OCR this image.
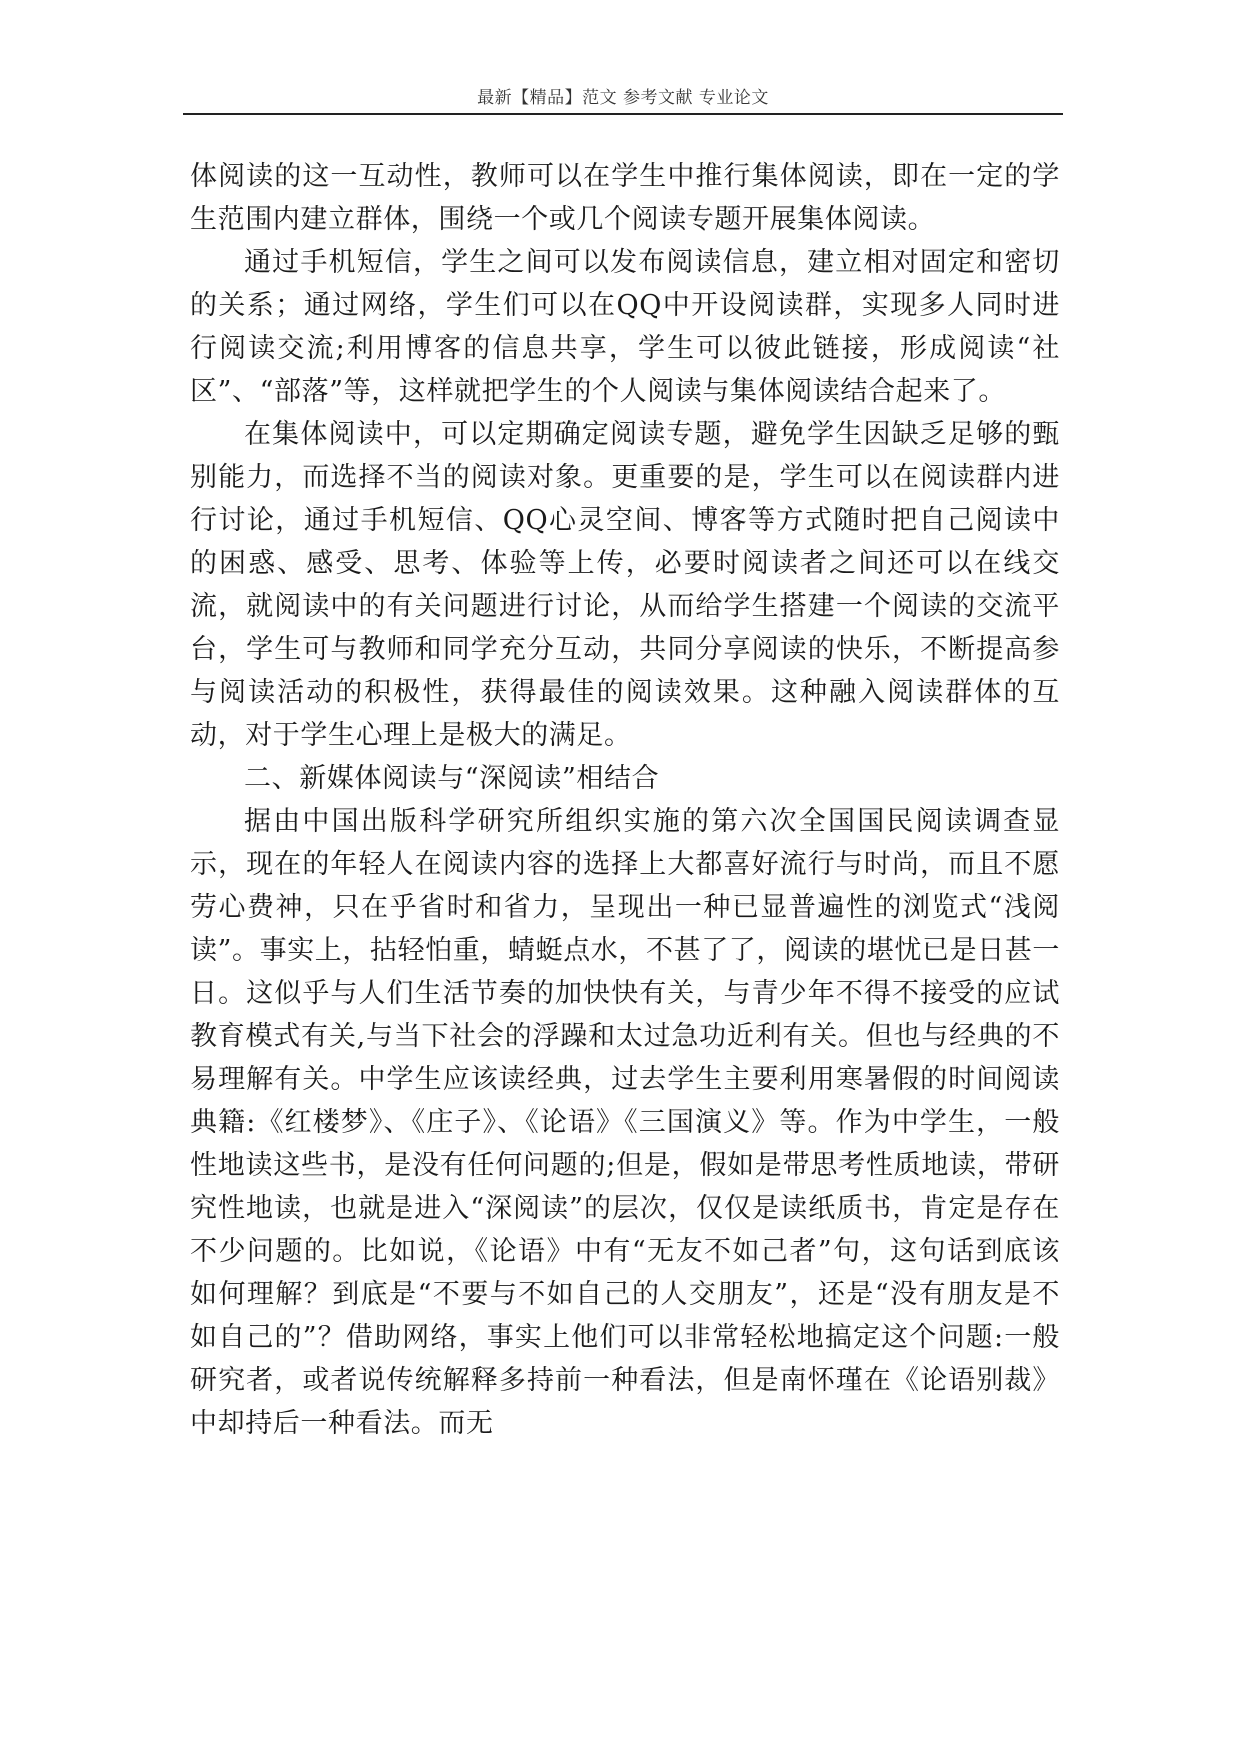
最新【精品】范文 参考文献 专业论文

体阅读的这一互动性，教师可以在学生中推行集体阅读，即在一定的学生范围内建立群体，围绕一个或几个阅读专题开展集体阅读。

通过手机短信，学生之间可以发布阅读信息，建立相对固定和密切的关系；通过网络，学生们可以在QQ中开设阅读群，实现多人同时进行阅读交流;利用博客的信息共享，学生可以彼此链接，形成阅读“社区”、“部落”等，这样就把学生的个人阅读与集体阅读结合起来了。

在集体阅读中，可以定期确定阅读专题，避免学生因缺乏足够的甄别能力，而选择不当的阅读对象。更重要的是，学生可以在阅读群内进行讨论，通过手机短信、QQ心灵空间、博客等方式随时把自己阅读中的困惑、感受、思考、体验等上传，必要时阅读者之间还可以在线交流，就阅读中的有关问题进行讨论，从而给学生搭建一个阅读的交流平台，学生可与教师和同学充分互动，共同分享阅读的快乐，不断提高参与阅读活动的积极性，获得最佳的阅读效果。这种融入阅读群体的互动，对于学生心理上是极大的满足。

二、新媒体阅读与“深阅读”相结合

据由中国出版科学研究所组织实施的第六次全国国民阅读调查显示，现在的年轻人在阅读内容的选择上大都喜好流行与时尚，而且不愿劳心费神，只在乎省时和省力，呈现出一种已显普遍性的浏览式“浅阅读”。事实上，拈轻怕重，蜻蜓点水，不甚了了，阅读的堪忧已是日甚一日。这似乎与人们生活节奏的加快快有关，与青少年不得不接受的应试教育模式有关,与当下社会的浮躁和太过急功近利有关。但也与经典的不易理解有关。中学生应该读经典，过去学生主要利用寒暑假的时间阅读典籍:《红楼梦》、《庄子》、《论语》《三国演义》等。作为中学生，一般性地读这些书，是没有任何问题的;但是，假如是带思考性质地读，带研究性地读，也就是进入“深阅读”的层次，仅仅是读纸质书，肯定是存在不少问题的。比如说，《论语》中有“无友不如己者”句，这句话到底该如何理解？到底是“不要与不如自己的人交朋友”，还是“没有朋友是不如自己的”？借助网络，事实上他们可以非常轻松地搞定这个问题:一般研究者，或者说传统解释多持前一种看法，但是南怀瑾在《论语别裁》中却持后一种看法。而无
